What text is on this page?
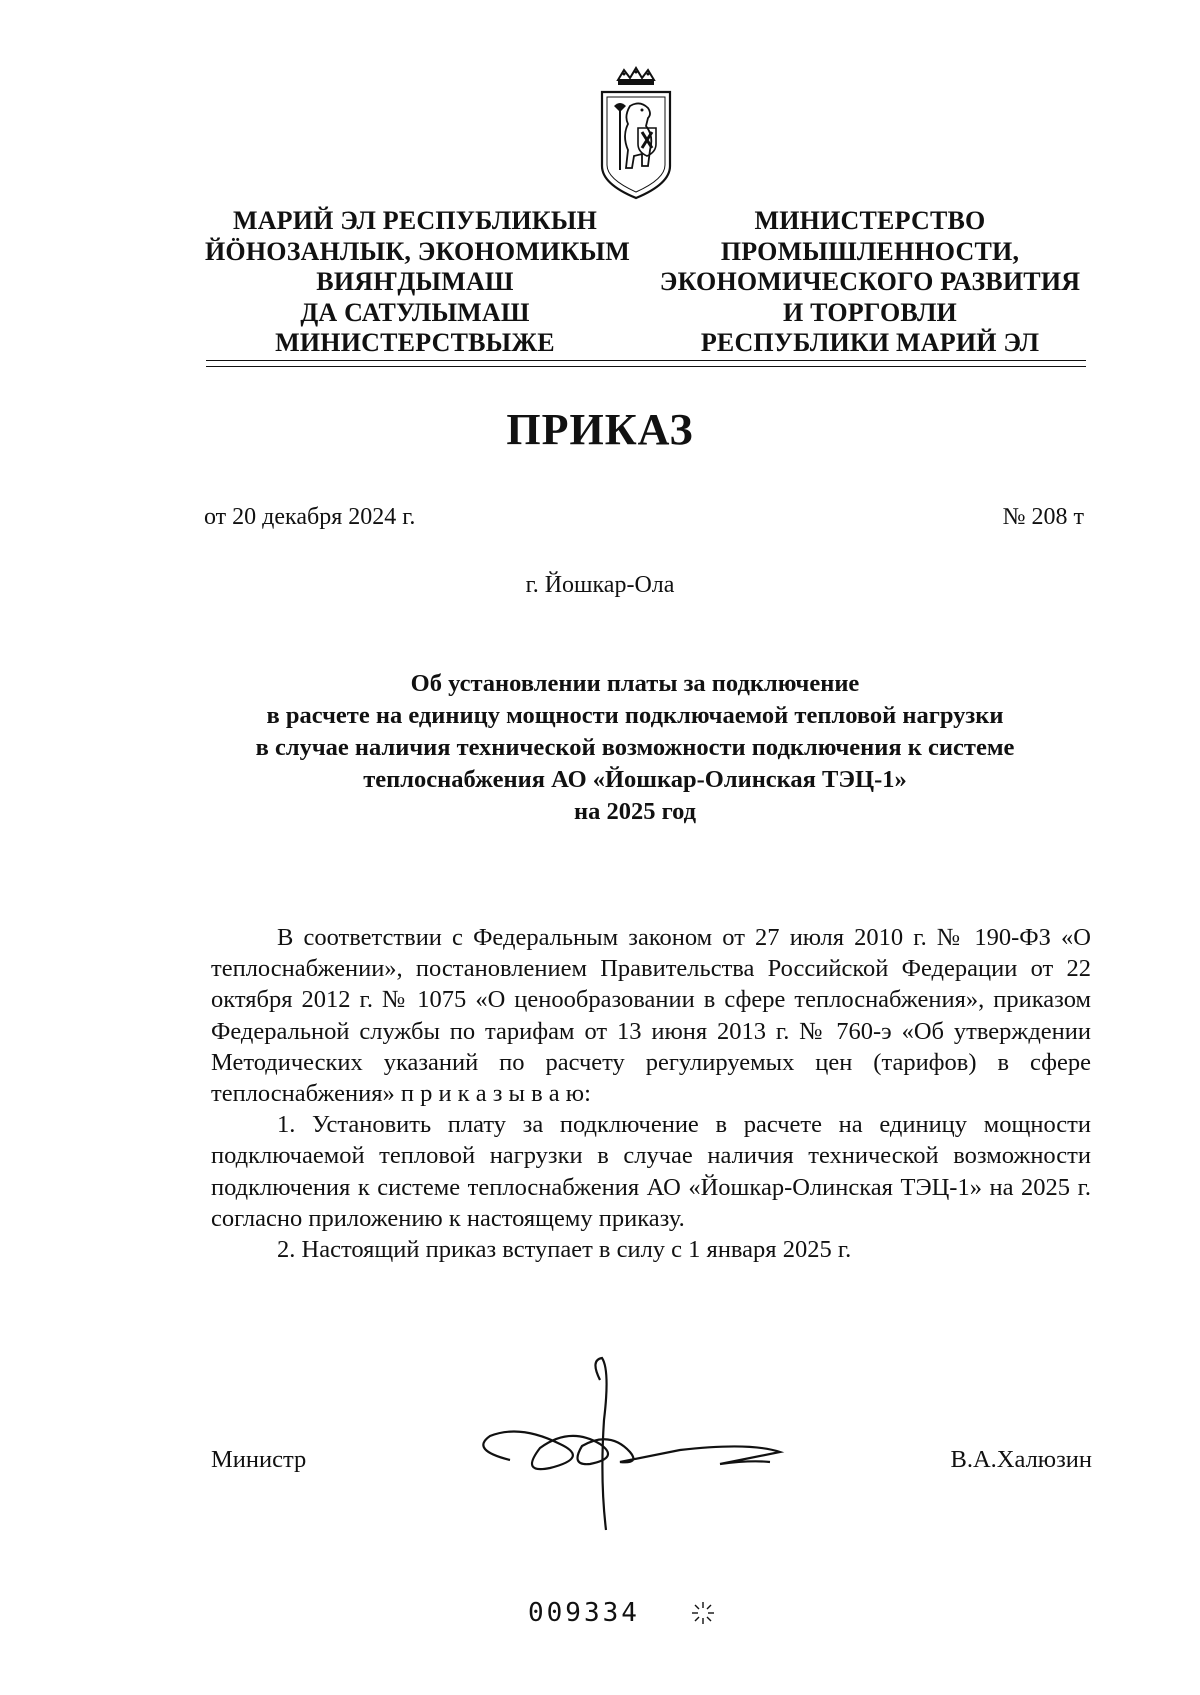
МАРИЙ ЭЛ РЕСПУБЛИКЫН
ЙÖНОЗАНЛЫК, ЭКОНОМИКЫМ
ВИЯҤДЫМАШ
ДА САТУЛЫМАШ
МИНИСТЕРСТВЫЖЕ
МИНИСТЕРСТВО
ПРОМЫШЛЕННОСТИ,
ЭКОНОМИЧЕСКОГО РАЗВИТИЯ
И ТОРГОВЛИ
РЕСПУБЛИКИ МАРИЙ ЭЛ
ПРИКАЗ
от 20 декабря 2024 г.	№ 208 т
г. Йошкар-Ола
Об установлении платы за подключение
в расчете на единицу мощности подключаемой тепловой нагрузки
в случае наличия технической возможности подключения к системе
теплоснабжения АО «Йошкар-Олинская ТЭЦ-1»
на 2025 год

В соответствии с Федеральным законом от 27 июля 2010 г. № 190-ФЗ «О теплоснабжении», постановлением Правительства Российской Федерации от 22 октября 2012 г. № 1075 «О ценообразовании в сфере теплоснабжения», приказом Федеральной службы по тарифам от 13 июня 2013 г. № 760-э «Об утверждении Методических указаний по расчету регулируемых цен (тарифов) в сфере теплоснабжения» п р и к а з ы в а ю:

1. Установить плату за подключение в расчете на единицу мощности подключаемой тепловой нагрузки в случае наличия технической возможности подключения к системе теплоснабжения АО «Йошкар-Олинская ТЭЦ-1» на 2025 г. согласно приложению к настоящему приказу.

2. Настоящий приказ вступает в силу с 1 января 2025 г.

Министр	В.А.Халюзин
009334
